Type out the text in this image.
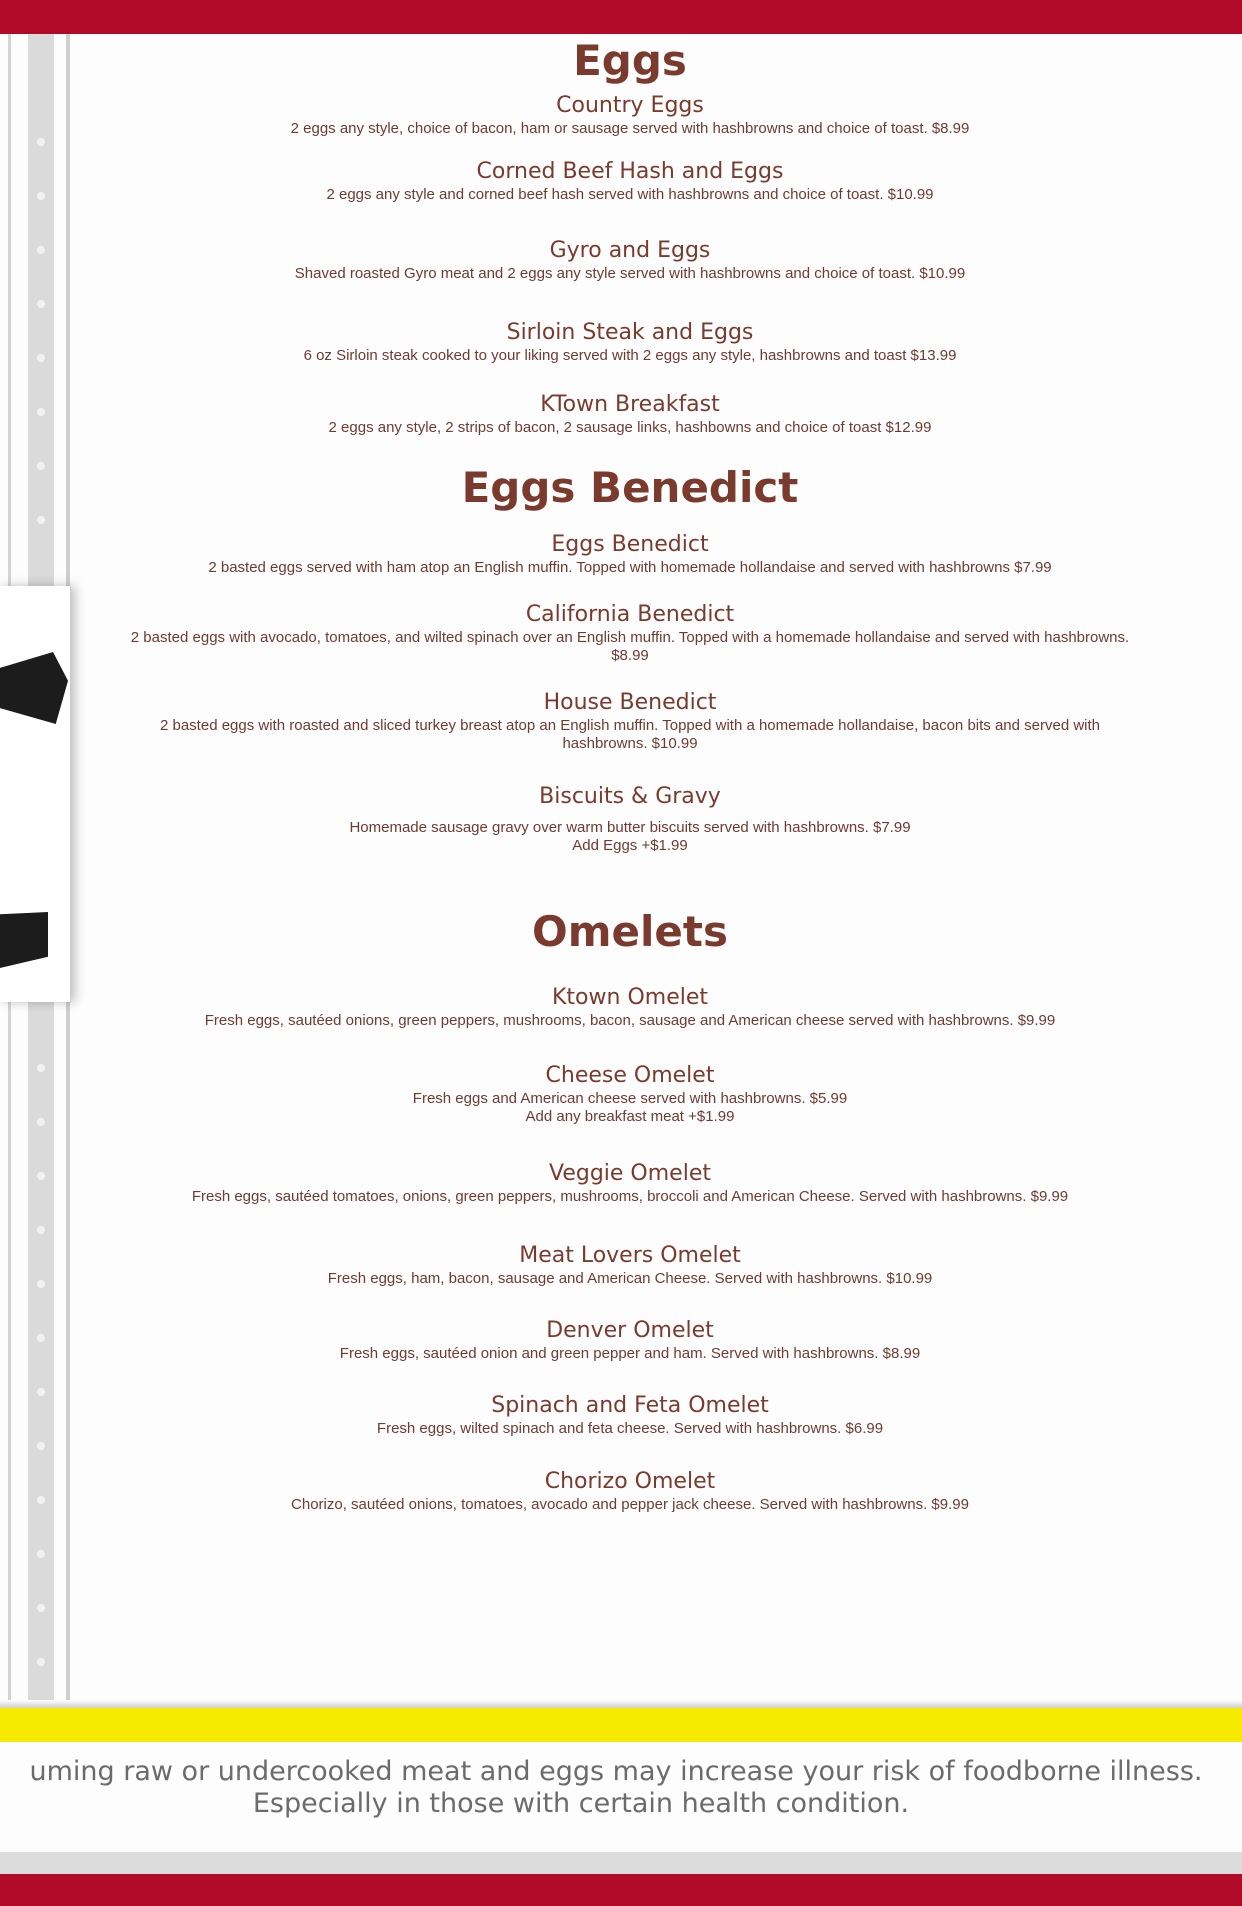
Eggs

Country Eggs

2 eggs any style, choice of bacon, ham or sausage served with hashbrowns and choice of toast. $8.99

Corned Beef Hash and Eggs

2 eggs any style and corned beef hash served with hashbrowns and choice of toast. $10.99

Gyro and Eggs

Shaved roasted Gyro meat and 2 eggs any style served with hashbrowns and choice of toast. $10.99

Sirloin Steak and Eggs

6 oz Sirloin steak cooked to your liking served with 2 eggs any style, hashbrowns and toast $13.99

KTown Breakfast

2 eggs any style, 2 strips of bacon, 2 sausage links, hashbowns and choice of toast $12.99

Eggs Benedict

Eggs Benedict

2 basted eggs served with ham atop an English muffin. Topped with homemade hollandaise and served with hashbrowns $7.99

California Benedict

2 basted eggs with avocado, tomatoes, and wilted spinach over an English muffin. Topped with a homemade hollandaise and served with hashbrowns.

$8.99

House Benedict

2 basted eggs with roasted and sliced turkey breast atop an English muffin. Topped with a homemade hollandaise, bacon bits and served with

hashbrowns. $10.99

Biscuits & Gravy

Homemade sausage gravy over warm butter biscuits served with hashbrowns. $7.99

Add Eggs +$1.99

Omelets

Ktown Omelet

Fresh eggs, sautéed onions, green peppers, mushrooms, bacon, sausage and American cheese served with hashbrowns. $9.99

Cheese Omelet

Fresh eggs and American cheese served with hashbrowns. $5.99

Add any breakfast meat +$1.99

Veggie Omelet

Fresh eggs, sautéed tomatoes, onions, green peppers, mushrooms, broccoli and American Cheese. Served with hashbrowns. $9.99

Meat Lovers Omelet

Fresh eggs, ham, bacon, sausage and American Cheese. Served with hashbrowns. $10.99

Denver Omelet

Fresh eggs, sautéed onion and green pepper and ham. Served with hashbrowns. $8.99

Spinach and Feta Omelet

Fresh eggs, wilted spinach and feta cheese. Served with hashbrowns. $6.99

Chorizo Omelet

Chorizo, sautéed onions, tomatoes, avocado and pepper jack cheese. Served with hashbrowns. $9.99

uming raw or undercooked meat and eggs may increase your risk of foodborne illness.
Especially in those with certain health condition.
